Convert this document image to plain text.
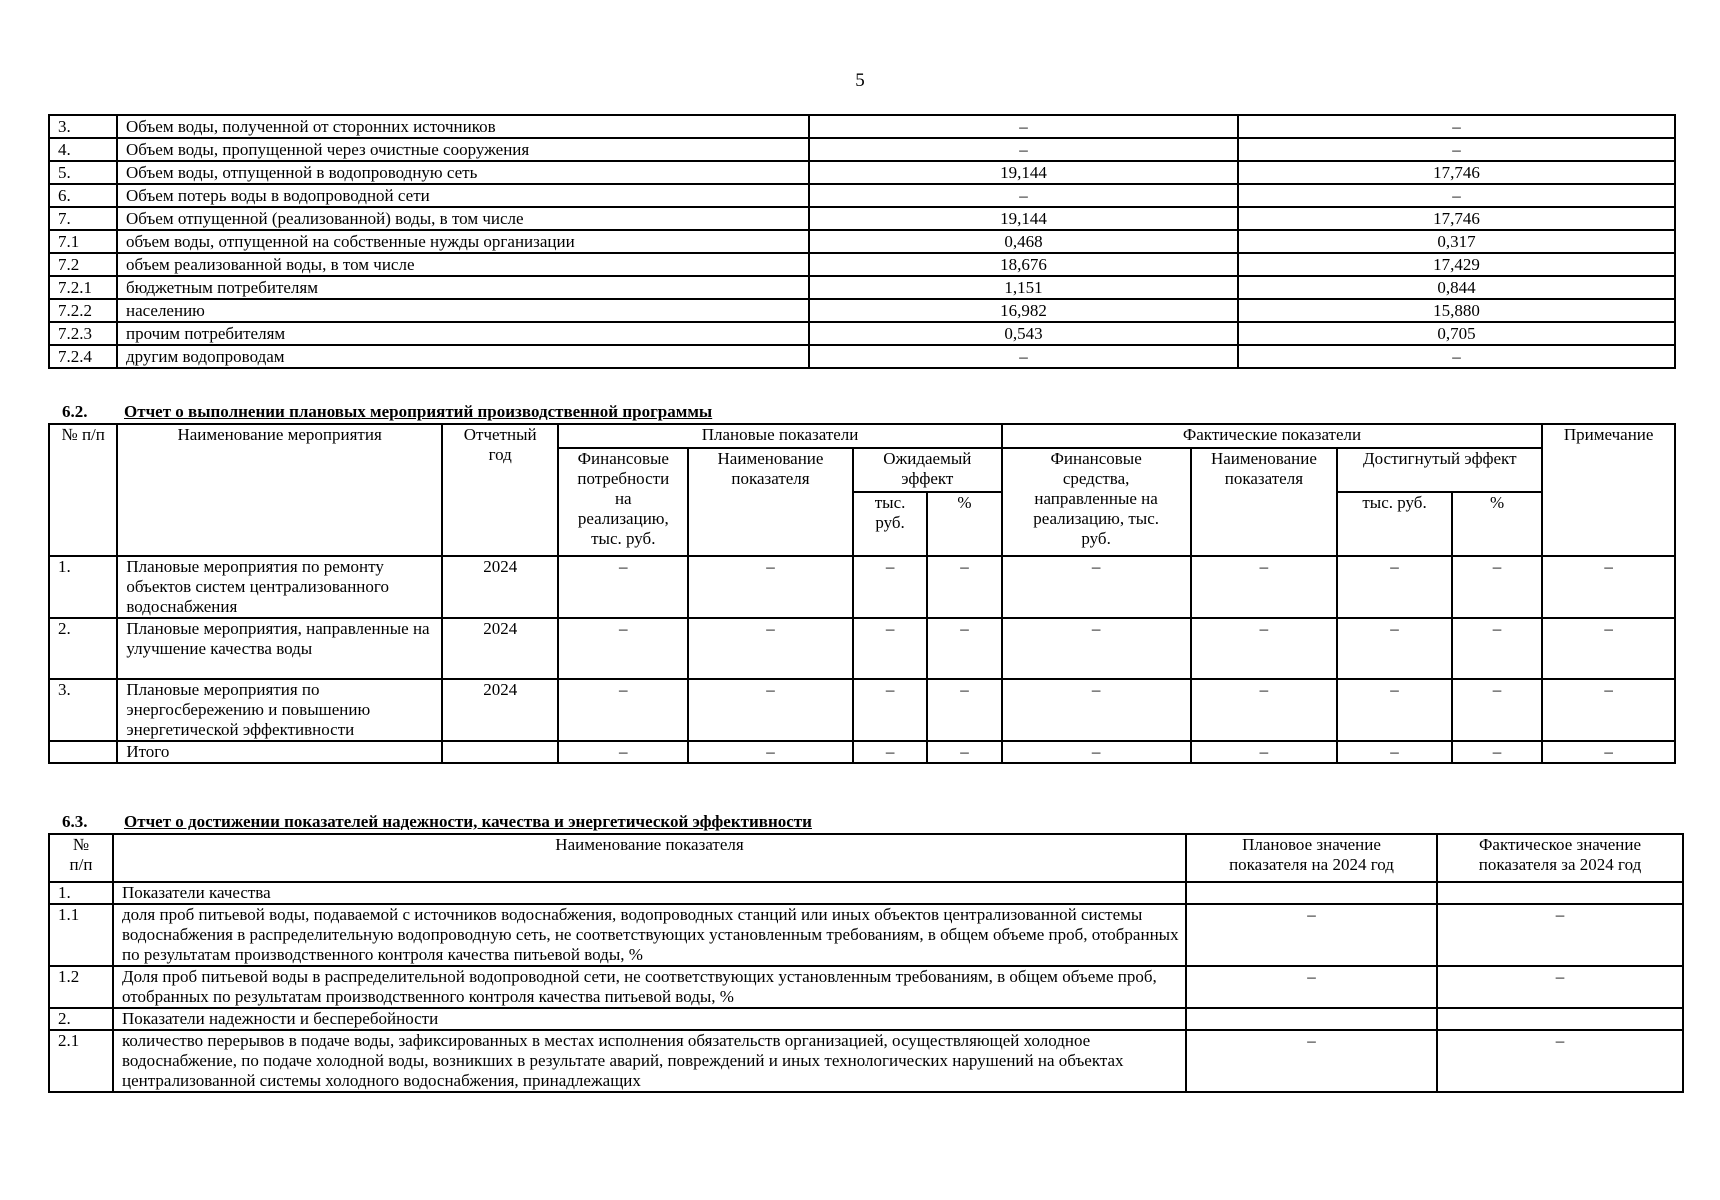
5
3.	Объем воды, полученной от сторонних источников	–	–
4.	Объем воды, пропущенной через очистные сооружения	–	–
5.	Объем воды, отпущенной в водопроводную сеть	19,144	17,746
6.	Объем потерь воды в водопроводной сети	–	–
7.	Объем отпущенной (реализованной) воды, в том числе	19,144	17,746
7.1	объем воды, отпущенной на собственные нужды организации	0,468	0,317
7.2	объем реализованной воды, в том числе	18,676	17,429
7.2.1	бюджетным потребителям	1,151	0,844
7.2.2	населению	16,982	15,880
7.2.3	прочим потребителям	0,543	0,705
7.2.4	другим водопроводам	–	–
6.2. Отчет о выполнении плановых мероприятий производственной программы
№ п/п	Наименование мероприятия	Отчетный год	Плановые показатели				Фактические показатели				Примечание
			Финансовые потребности на реализацию, тыс. руб.	Наименование показателя	Ожидаемый эффект		Финансовые средства, направленные на реализацию, тыс. руб.	Наименование показателя	Достигнутый эффект		
					тыс. руб.	%			тыс. руб.	%	
1.	Плановые мероприятия по ремонту объектов систем централизованного водоснабжения	2024	–	–	–	–	–	–	–	–	–
2.	Плановые мероприятия, направленные на улучшение качества воды	2024	–	–	–	–	–	–	–	–	–
3.	Плановые мероприятия по энергосбережению и повышению энергетической эффективности	2024	–	–	–	–	–	–	–	–	–
	Итого		–	–	–	–	–	–	–	–	–
6.3. Отчет о достижении показателей надежности, качества и энергетической эффективности
№ п/п	Наименование показателя	Плановое значение показателя на 2024 год	Фактическое значение показателя за 2024 год
1.	Показатели качества		
1.1	доля проб питьевой воды, подаваемой с источников водоснабжения, водопроводных станций или иных объектов централизованной системы водоснабжения в распределительную водопроводную сеть, не соответствующих установленным требованиям, в общем объеме проб, отобранных по результатам производственного контроля качества питьевой воды, %	–	–
1.2	Доля проб питьевой воды в распределительной водопроводной сети, не соответствующих установленным требованиям, в общем объеме проб, отобранных по результатам производственного контроля качества питьевой воды, %	–	–
2.	Показатели надежности и бесперебойности		
2.1	количество перерывов в подаче воды, зафиксированных в местах исполнения обязательств организацией, осуществляющей холодное водоснабжение, по подаче холодной воды, возникших в результате аварий, повреждений и иных технологических нарушений на объектах централизованной системы холодного водоснабжения, принадлежащих	–	–
